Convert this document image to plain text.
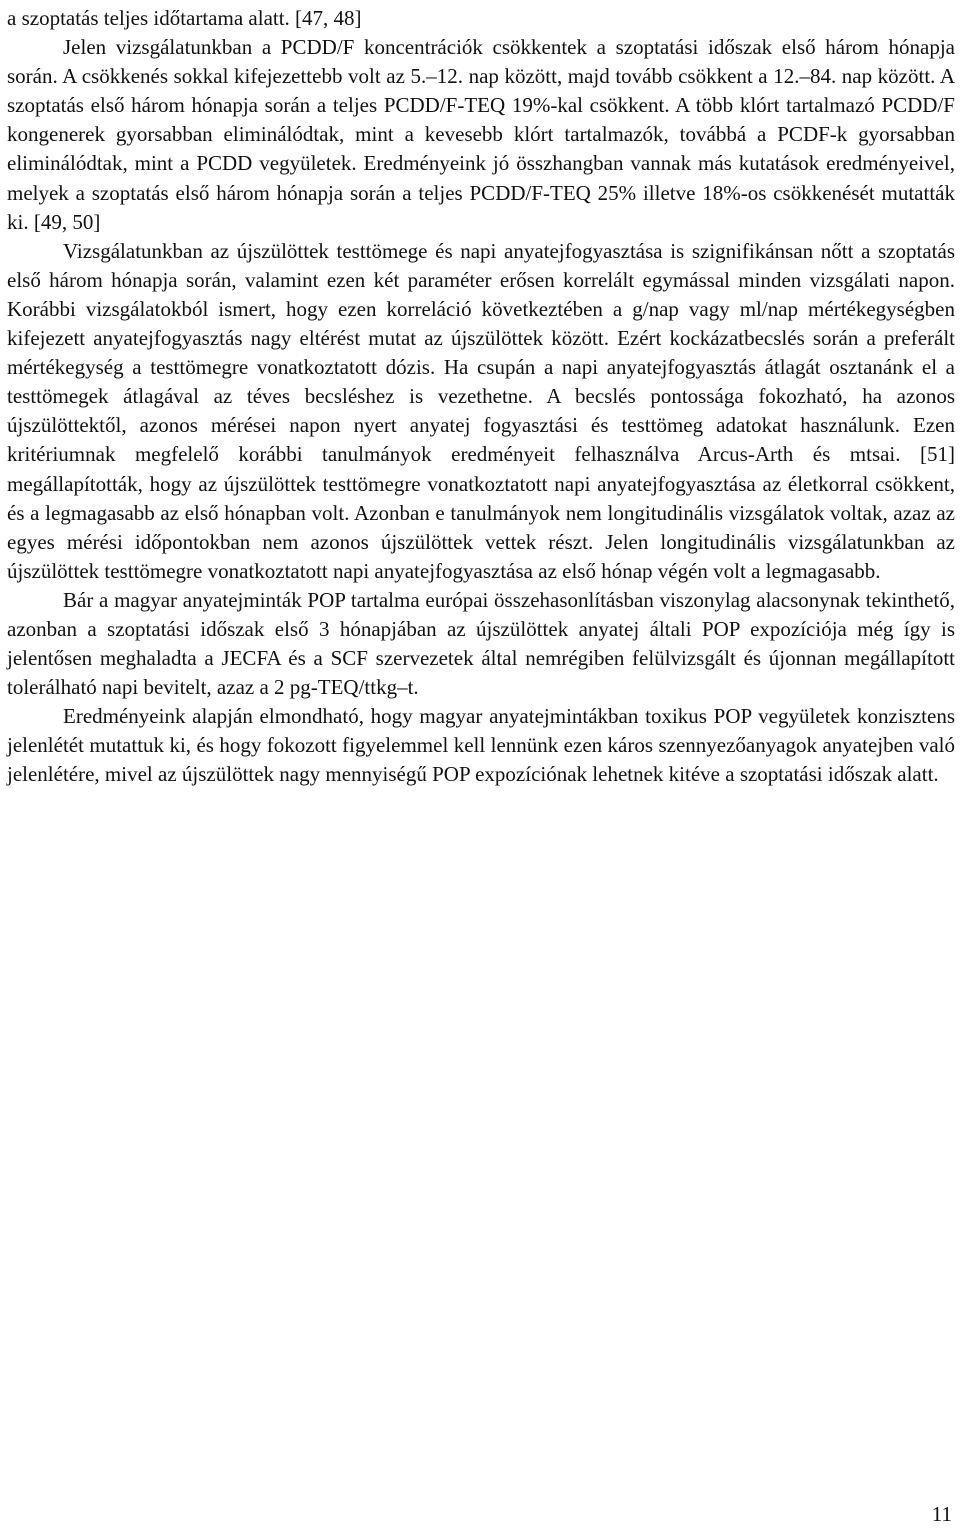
a szoptatás teljes időtartama alatt. [47, 48]

Jelen vizsgálatunkban a PCDD/F koncentrációk csökkentek a szoptatási időszak első három hónapja során. A csökkenés sokkal kifejezettebb volt az 5.–12. nap között, majd tovább csökkent a 12.–84. nap között. A szoptatás első három hónapja során a teljes PCDD/F-TEQ 19%-kal csökkent. A több klórt tartalmazó PCDD/F kongenerek gyorsabban eliminálódtak, mint a kevesebb klórt tartalmazók, továbbá a PCDF-k gyorsabban eliminálódtak, mint a PCDD vegyületek. Eredményeink jó összhangban vannak más kutatások eredményeivel, melyek a szoptatás első három hónapja során a teljes PCDD/F-TEQ 25% illetve 18%-os csökkenését mutatták ki. [49, 50]

Vizsgálatunkban az újszülöttek testtömege és napi anyatejfogyasztása is szignifikánsan nőtt a szoptatás első három hónapja során, valamint ezen két paraméter erősen korrelált egymással minden vizsgálati napon. Korábbi vizsgálatokból ismert, hogy ezen korreláció következtében a g/nap vagy ml/nap mértékegységben kifejezett anyatejfogyasztás nagy eltérést mutat az újszülöttek között. Ezért kockázatbecslés során a preferált mértékegység a testtömegre vonatkoztatott dózis. Ha csupán a napi anyatejfogyasztás átlagát osztanánk el a testtömegek átlagával az téves becsléshez is vezethetne. A becslés pontossága fokozható, ha azonos újszülöttektől, azonos mérései napon nyert anyatej fogyasztási és testtömeg adatokat használunk. Ezen kritériumnak megfelelő korábbi tanulmányok eredményeit felhasználva Arcus-Arth és mtsai. [51] megállapították, hogy az újszülöttek testtömegre vonatkoztatott napi anyatejfogyasztása az életkorral csökkent, és a legmagasabb az első hónapban volt. Azonban e tanulmányok nem longitudinális vizsgálatok voltak, azaz az egyes mérési időpontokban nem azonos újszülöttek vettek részt. Jelen longitudinális vizsgálatunkban az újszülöttek testtömegre vonatkoztatott napi anyatejfogyasztása az első hónap végén volt a legmagasabb.

Bár a magyar anyatejminták POP tartalma európai összehasonlításban viszonylag alacsonynak tekinthető, azonban a szoptatási időszak első 3 hónapjában az újszülöttek anyatej általi POP expozíciója még így is jelentősen meghaladta a JECFA és a SCF szervezetek által nemrégiben felülvizsgált és újonnan megállapított tolerálható napi bevitelt, azaz a 2 pg-TEQ/ttkg–t.

Eredményeink alapján elmondható, hogy magyar anyatejmintákban toxikus POP vegyületek konzisztens jelenlétét mutattuk ki, és hogy fokozott figyelemmel kell lennünk ezen káros szennyezőanyagok anyatejben való jelenlétére, mivel az újszülöttek nagy mennyiségű POP expozíciónak lehetnek kitéve a szoptatási időszak alatt.

11
